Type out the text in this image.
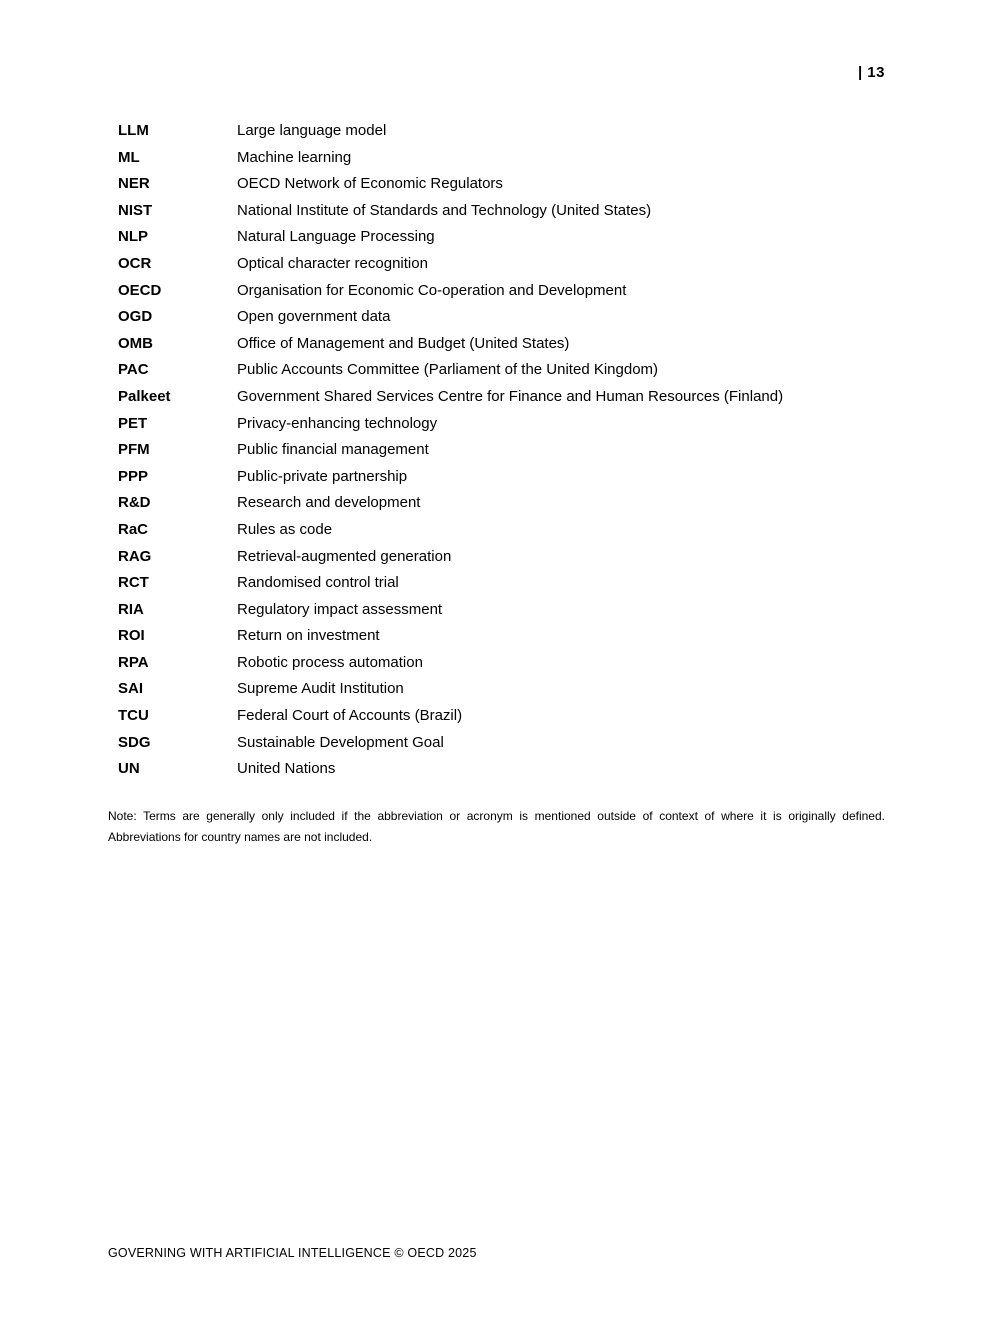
| 13
LLM	Large language model
ML	Machine learning
NER	OECD Network of Economic Regulators
NIST	National Institute of Standards and Technology (United States)
NLP	Natural Language Processing
OCR	Optical character recognition
OECD	Organisation for Economic Co-operation and Development
OGD	Open government data
OMB	Office of Management and Budget (United States)
PAC	Public Accounts Committee (Parliament of the United Kingdom)
Palkeet	Government Shared Services Centre for Finance and Human Resources (Finland)
PET	Privacy-enhancing technology
PFM	Public financial management
PPP	Public-private partnership
R&D	Research and development
RaC	Rules as code
RAG	Retrieval-augmented generation
RCT	Randomised control trial
RIA	Regulatory impact assessment
ROI	Return on investment
RPA	Robotic process automation
SAI	Supreme Audit Institution
TCU	Federal Court of Accounts (Brazil)
SDG	Sustainable Development Goal
UN	United Nations

Note: Terms are generally only included if the abbreviation or acronym is mentioned outside of context of where it is originally defined. Abbreviations for country names are not included.

GOVERNING WITH ARTIFICIAL INTELLIGENCE © OECD 2025
